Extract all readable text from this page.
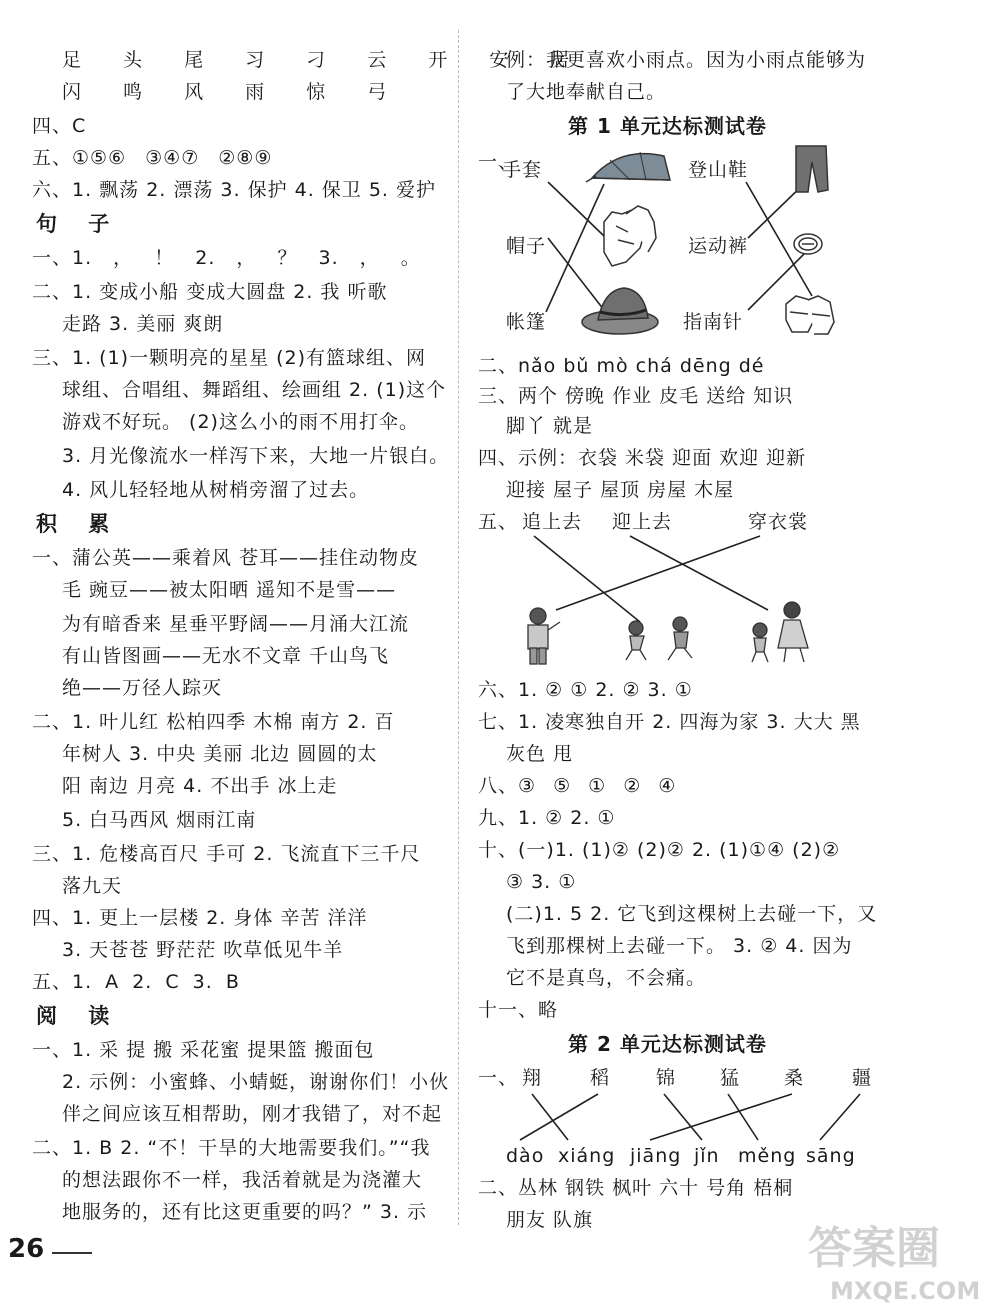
足 头 尾 习 刁 云 开 安 居
闪 鸣 风 雨 惊 弓
四、C
五、①⑤⑥ ③④⑦ ②⑧⑨
六、1. 飘荡 2. 漂荡 3. 保护 4. 保卫 5. 爱护
句 子
一、1. ， ！ 2. ， ？ 3. ， 。
二、1. 变成小船 变成大圆盘 2. 我 听歌
走路 3. 美丽 爽朗
三、1. (1)一颗明亮的星星 (2)有篮球组、网
球组、合唱组、舞蹈组、绘画组 2. (1)这个
游戏不好玩。 (2)这么小的雨不用打伞。
3. 月光像流水一样泻下来，大地一片银白。
4. 风儿轻轻地从树梢旁溜了过去。
积 累
一、蒲公英——乘着风 苍耳——挂住动物皮
毛 豌豆——被太阳晒 遥知不是雪——
为有暗香来 星垂平野阔——月涌大江流
有山皆图画——无水不文章 千山鸟飞
绝——万径人踪灭
二、1. 叶儿红 松柏四季 木棉 南方 2. 百
年树人 3. 中央 美丽 北边 圆圆的太
阳 南边 月亮 4. 不出手 冰上走
5. 白马西风 烟雨江南
三、1. 危楼高百尺 手可 2. 飞流直下三千尺
落九天
四、1. 更上一层楼 2. 身体 辛苦 洋洋
3. 天苍苍 野茫茫 吹草低见牛羊
五、1. A 2. C 3. B
阅 读
一、1. 采 提 搬 采花蜜 提果篮 搬面包
2. 示例：小蜜蜂、小蜻蜓，谢谢你们！小伙
伴之间应该互相帮助，刚才我错了，对不起
二、1. B 2. “不！干旱的大地需要我们。”“我
的想法跟你不一样，我活着就是为浇灌大
地服务的，还有比这更重要的吗？” 3. 示
例：我更喜欢小雨点。因为小雨点能够为
了大地奉献自己。
第 1 单元达标测试卷
一、
手套
帽子
帐篷
登山鞋
运动裤
指南针
二、nǎo bǔ mò chá dēng dé
三、两个 傍晚 作业 皮毛 送给 知识
脚丫 就是
四、示例：衣袋 米袋 迎面 欢迎 迎新
迎接 屋子 屋顶 房屋 木屋
五、 追上去 迎上去	穿衣裳
六、1. ② ① 2. ② 3. ①
七、1. 凌寒独自开 2. 四海为家 3. 大大 黑
灰色 甩
八、③ ⑤ ① ② ④
九、1. ② 2. ①
十、(一)1. (1)② (2)② 2. (1)①④ (2)②
③ 3. ①
(二)1. 5 2. 它飞到这棵树上去碰一下，又
飞到那棵树上去碰一下。 3. ② 4. 因为
它不是真鸟，不会痛。
十一、略
第 2 单元达标测试卷
一、 翔	稻 锦 猛 桑	疆
dào xiáng jiāng jǐn měng sāng
二、丛林 钢铁 枫叶 六十 号角 梧桐
朋友 队旗
26	答案圈
MXQE.COM
